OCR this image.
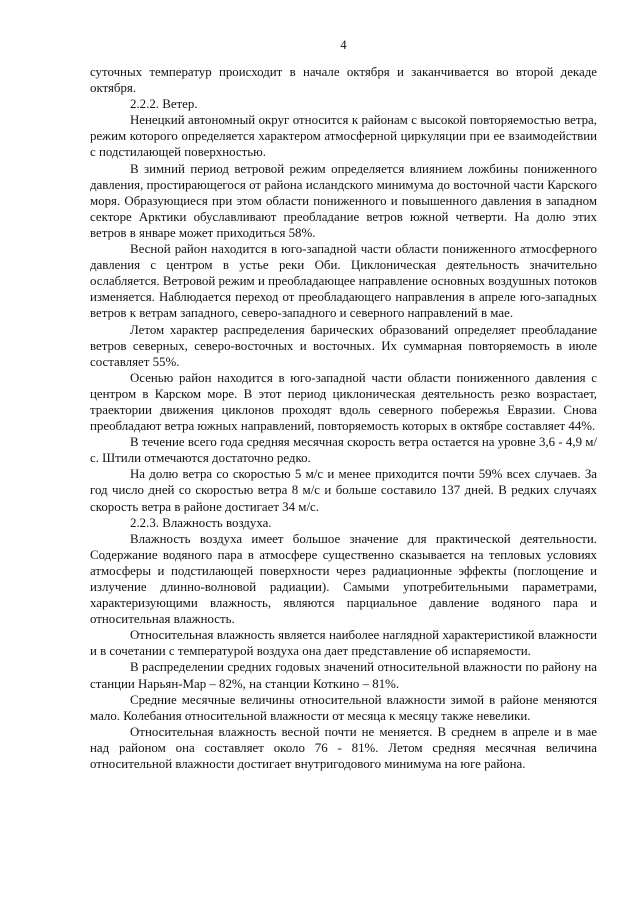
4

суточных температур происходит в начале октября и заканчивается во второй декаде октября.

2.2.2. Ветер.

Ненецкий автономный округ относится к районам с высокой повторяемостью ветра, режим которого определяется характером атмосферной циркуляции при ее взаимодействии с подстилающей поверхностью.

В зимний период ветровой режим определяется влиянием ложбины пониженного давления, простирающегося от района исландского минимума до восточной части Карского моря. Образующиеся при этом области пониженного и повышенного давления в западном секторе Арктики обуславливают преобладание ветров южной четверти. На долю этих ветров в январе может приходиться 58%.

Весной район находится в юго-западной части области пониженного атмосферного давления с центром в устье реки Оби. Циклоническая деятельность значительно ослабляется. Ветровой режим и преобладающее направление основных воздушных потоков изменяется. Наблюдается переход от преобладающего направления в апреле юго-западных ветров к ветрам западного, северо-западного и северного направлений в мае.

Летом характер распределения барических образований определяет преобладание ветров северных, северо-восточных и восточных. Их суммарная повторяемость в июле составляет 55%.

Осенью район находится в юго-западной части области пониженного давления с центром в Карском море. В этот период циклоническая деятельность резко возрастает, траектории движения циклонов проходят вдоль северного побережья Евразии. Снова преобладают ветра южных направлений, повторяемость которых в октябре составляет 44%.

В течение всего года средняя месячная скорость ветра остается на уровне 3,6 - 4,9 м/с. Штили отмечаются достаточно редко.

На долю ветра со скоростью 5 м/с и менее приходится почти 59% всех случаев. За год число дней со скоростью ветра 8 м/с и больше составило 137 дней. В редких случаях скорость ветра в районе достигает 34 м/с.

2.2.3. Влажность воздуха.

Влажность воздуха имеет большое значение для практической деятельности. Содержание водяного пара в атмосфере существенно сказывается на тепловых условиях атмосферы и подстилающей поверхности через радиационные эффекты (поглощение и излучение длинно-волновой радиации). Самыми употребительными параметрами, характеризующими влажность, являются парциальное давление водяного пара и относительная влажность.

Относительная влажность является наиболее наглядной характеристикой влажности и в сочетании с температурой воздуха она дает представление об испаряемости.

В распределении средних годовых значений относительной влажности по району на станции Нарьян-Мар – 82%, на станции Коткино – 81%.

Средние месячные величины относительной влажности зимой в районе меняются мало. Колебания относительной влажности от месяца к месяцу также невелики.

Относительная влажность весной почти не меняется. В среднем в апреле и в мае над районом она составляет около 76 - 81%. Летом средняя месячная величина относительной влажности достигает внутригодового минимума на юге района.
